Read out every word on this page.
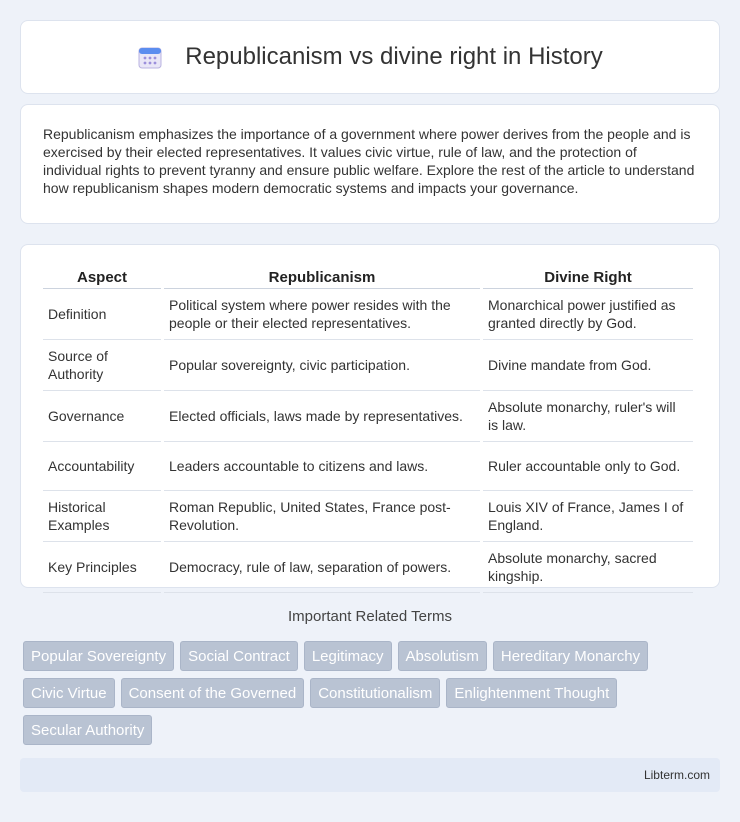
Republicanism vs divine right in History

Republicanism emphasizes the importance of a government where power derives from the people and is exercised by their elected representatives. It values civic virtue, rule of law, and the protection of individual rights to prevent tyranny and ensure public welfare. Explore the rest of the article to understand how republicanism shapes modern democratic systems and impacts your governance.

Aspect	Republicanism	Divine Right
Definition	Political system where power resides with the people or their elected representatives.	Monarchical power justified as granted directly by God.
Source of Authority	Popular sovereignty, civic participation.	Divine mandate from God.
Governance	Elected officials, laws made by representatives.	Absolute monarchy, ruler's will is law.
Accountability	Leaders accountable to citizens and laws.	Ruler accountable only to God.
Historical Examples	Roman Republic, United States, France post-Revolution.	Louis XIV of France, James I of England.
Key Principles	Democracy, rule of law, separation of powers.	Absolute monarchy, sacred kingship.
Important Related Terms
Popular Sovereignty	Social Contract	Legitimacy	Absolutism	Hereditary Monarchy
Civic Virtue	Consent of the Governed	Constitutionalism	Enlightenment Thought
Secular Authority
Libterm.com
